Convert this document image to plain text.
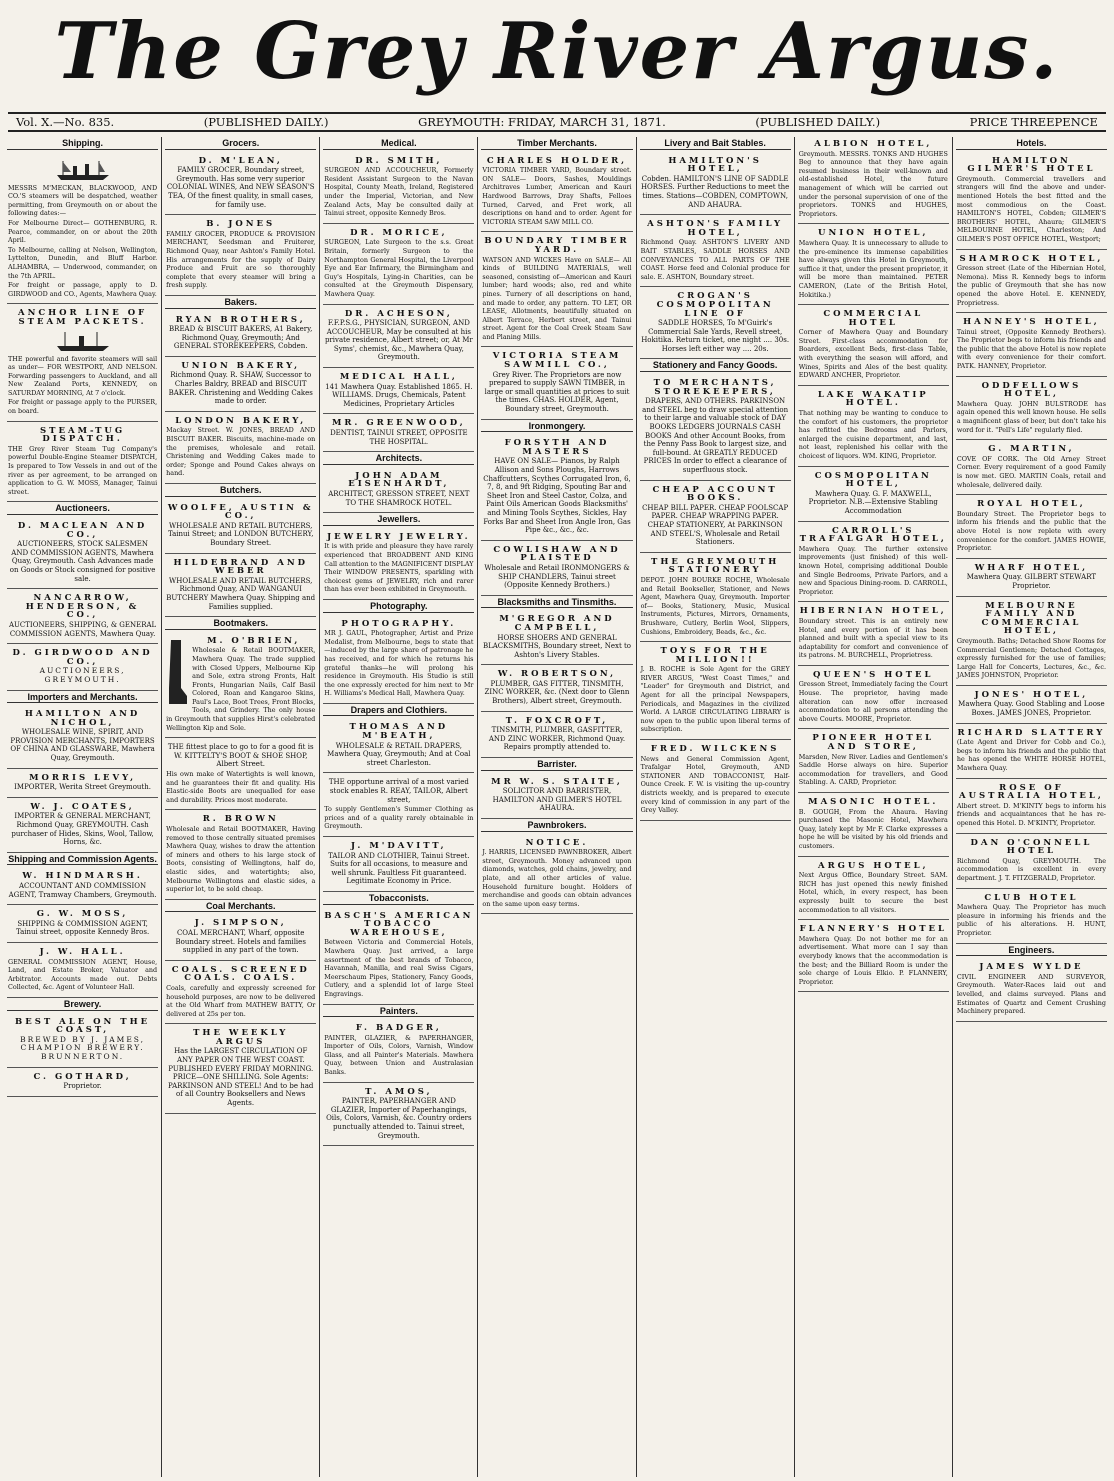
The Grey River Argus.
Vol. X.—No. 835.	(PUBLISHED DAILY.)	GREYMOUTH: FRIDAY, MARCH 31, 1871.	(PUBLISHED DAILY.)	PRICE THREEPENCE
Shipping.

MESSRS M'MECKAN, BLACKWOOD, AND CO.'S steamers will be despatched, weather permitting, from Greymouth on or about the following dates:—

For Melbourne Direct— GOTHENBURG, R. Pearce, commander, on or about the 20th April.

To Melbourne, calling at Nelson, Wellington, Lyttelton, Dunedin, and Bluff Harbor. ALHAMBRA, — Underwood, commander, on the 7th APRIL.

For freight or passage, apply to D. GIRDWOOD and CO., Agents, Mawhera Quay.

ANCHOR LINE OF STEAM PACKETS.

THE powerful and favorite steamers will sail as under— FOR WESTPORT, AND NELSON. Forwarding passengers to Auckland, and all New Zealand Ports, KENNEDY, on SATURDAY MORNING, At 7 o'clock.

For freight or passage apply to the PURSER, on board.

STEAM-TUG DISPATCH.

THE Grey River Steam Tug Company's powerful Double-Engine Steamer DISPATCH, Is prepared to Tow Vessels in and out of the river as per agreement, to be arranged on application to G. W. MOSS, Manager, Tainui street.

Auctioneers.
D. MACLEAN AND CO.,

AUCTIONEERS, STOCK SALESMEN AND COMMISSION AGENTS, Mawhera Quay, Greymouth. Cash Advances made on Goods or Stock consigned for positive sale.

NANCARROW, HENDERSON, & CO.,

AUCTIONEERS, SHIPPING, & GENERAL COMMISSION AGENTS, Mawhera Quay.

D. GIRDWOOD AND CO.,

AUCTIONEERS, GREYMOUTH.

Importers and Merchants.
HAMILTON AND NICHOL,

WHOLESALE WINE, SPIRIT, AND PROVISION MERCHANTS, IMPORTERS OF CHINA AND GLASSWARE, Mawhera Quay, Greymouth.

MORRIS LEVY,

IMPORTER, Werita Street Greymouth.

W. J. COATES,

IMPORTER & GENERAL MERCHANT, Richmond Quay, GREYMOUTH. Cash purchaser of Hides, Skins, Wool, Tallow, Horns, &c.

Shipping and Commission Agents.
W. HINDMARSH.

ACCOUNTANT AND COMMISSION AGENT, Tramway Chambers, Greymouth.

G. W. MOSS,

SHIPPING & COMMISSION AGENT, Tainui street, opposite Kennedy Bros.

J. W. HALL.

GENERAL COMMISSION AGENT, House, Land, and Estate Broker, Valuator and Arbitrator. Accounts made out. Debts Collected, &c. Agent of Volunteer Hall.

Brewery.
BEST ALE ON THE COAST,

BREWED BY J. JAMES, CHAMPION BREWERY. BRUNNERTON.

C. GOTHARD,

Proprietor.

Grocers.
D. M'LEAN,

FAMILY GROCER, Boundary street, Greymouth. Has some very superior COLONIAL WINES, And NEW SEASON'S TEA, Of the finest quality, in small cases, for family use.

B. JONES

FAMILY GROCER, PRODUCE & PROVISION MERCHANT, Seedsman and Fruiterer, Richmond Quay, near Ashton's Family Hotel. His arrangements for the supply of Dairy Produce and Fruit are so thoroughly complete that every steamer will bring a fresh supply.

Bakers.
RYAN BROTHERS,

BREAD & BISCUIT BAKERS, A1 Bakery, Richmond Quay, Greymouth; And GENERAL STOREKEEPERS, Cobden.

UNION BAKERY,

Richmond Quay. R. SHAW, Successor to Charles Baldry, BREAD and BISCUIT BAKER. Christening and Wedding Cakes made to order.

LONDON BAKERY,

Mackay Street. W. JONES, BREAD AND BISCUIT BAKER. Biscuits, machine-made on the premises, wholesale and retail. Christening and Wedding Cakes made to order; Sponge and Pound Cakes always on hand.

Butchers.
WOOLFE, AUSTIN & CO.,

WHOLESALE AND RETAIL BUTCHERS, Tainui Street; and LONDON BUTCHERY, Boundary Street.

HILDEBRAND AND WEBER

WHOLESALE AND RETAIL BUTCHERS, Richmond Quay, AND WANGANUI BUTCHERY Mawhera Quay. Shipping and Families supplied.

Bootmakers.
M. O'BRIEN,

Wholesale & Retail BOOTMAKER, Mawhera Quay. The trade supplied with Closed Uppers, Melbourne Kip and Sole, extra strong Fronts, Halt Fronts, Hungarian Nails, Calf Basil Colored, Roan and Kangaroo Skins, Paul's Lace, Boot Trees, Front Blocks, Tools, and Grindery. The only house in Greymouth that supplies Hirst's celebrated Wellington Kip and Sole.

THE fittest place to go to for a good fit is W. KITTELTY'S BOOT & SHOE SHOP, Albert Street.

His own make of Watertights is well known, and he guarantees their fit and quality. His Elastic-side Boots are unequalled for ease and durability. Prices most moderate.

R. BROWN

Wholesale and Retail BOOTMAKER, Having removed to those centrally situated premises Mawhera Quay, wishes to draw the attention of miners and others to his large stock of Boots, consisting of Wellingtons, half do, elastic sides, and watertights; also, Melbourne Wellingtons and elastic sides, a superior lot, to be sold cheap.

Coal Merchants.
J. SIMPSON,

COAL MERCHANT, Wharf, opposite Boundary street. Hotels and families supplied in any part of the town.

COALS. SCREENED COALS. COALS.

Coals, carefully and expressly screened for household purposes, are now to be delivered at the Old Wharf from MATHEW BATTY, Or delivered at 25s per ton.

THE WEEKLY ARGUS

Has the LARGEST CIRCULATION OF ANY PAPER ON THE WEST COAST. PUBLISHED EVERY FRIDAY MORNING. PRICE—ONE SHILLING. Sole Agents: PARKINSON AND STEEL! And to be had of all Country Booksellers and News Agents.

Medical.
DR. SMITH,

SURGEON AND ACCOUCHEUR, Formerly Resident Assistant Surgeon to the Navan Hospital, County Meath, Ireland, Registered under the Imperial, Victorian, and New Zealand Acts, May be consulted daily at Tainui street, opposite Kennedy Bros.

DR. MORICE,

SURGEON, Late Surgeon to the s.s. Great Britain, formerly Surgeon to the Northampton General Hospital, the Liverpool Eye and Ear Infirmary, the Birmingham and Guy's Hospitals, Lying-in Charities, can be consulted at the Greymouth Dispensary, Mawhera Quay.

DR. ACHESON,

F.F.P.S.G., PHYSICIAN, SURGEON, AND ACCOUCHEUR, May be consulted at his private residence, Albert street; or, At Mr Syms', chemist, &c., Mawhera Quay, Greymouth.

MEDICAL HALL,

141 Mawhera Quay. Established 1865. H. WILLIAMS. Drugs, Chemicals, Patent Medicines, Proprietary Articles

MR. GREENWOOD,

DENTIST, TAINUI STREET, OPPOSITE THE HOSPITAL.

Architects.
JOHN ADAM EISENHARDT,

ARCHITECT, GRESSON STREET, NEXT TO THE SHAMROCK HOTEL.

Jewellers.
JEWELRY JEWELRY.

It is with pride and pleasure they have rarely experienced that BROADBENT AND KING Call attention to the MAGNIFICENT DISPLAY Their WINDOW PRESENTS, sparkling with choicest gems of JEWELRY, rich and rarer than has ever been exhibited in Greymouth.

Photography.
PHOTOGRAPHY.

MR J. GAUL, Photographer, Artist and Prize Medalist, from Melbourne, begs to state that—induced by the large share of patronage he has received, and for which he returns his grateful thanks—he will prolong his residence in Greymouth. His Studio is still the one expressly erected for him next to Mr H. Williams's Medical Hall, Mawhera Quay.

Drapers and Clothiers.
THOMAS AND M'BEATH,

WHOLESALE & RETAIL DRAPERS, Mawhera Quay, Greymouth; And at Coal street Charleston.

THE opportune arrival of a most varied stock enables R. REAY, TAILOR, Albert street,

To supply Gentlemen's Summer Clothing as prices and of a quality rarely obtainable in Greymouth.

J. M'DAVITT,

TAILOR AND CLOTHIER, Tainui Street. Suits for all occasions, to measure and well shrunk. Faultless Fit guaranteed. Legitimate Economy in Price.

Tobacconists.
BASCH'S AMERICAN TOBACCO WAREHOUSE,

Between Victoria and Commercial Hotels, Mawhera Quay. Just arrived, a large assortment of the best brands of Tobacco, Havannah, Manilla, and real Swiss Cigars, Meerschaum Pipes, Stationery, Fancy Goods, Cutlery, and a splendid lot of large Steel Engravings.

Painters.
F. BADGER,

PAINTER, GLAZIER, & PAPERHANGER, Importer of Oils, Colors, Varnish, Window Glass, and all Painter's Materials. Mawhera Quay, between Union and Australasian Banks.

T. AMOS,

PAINTER, PAPERHANGER AND GLAZIER, Importer of Paperhangings, Oils, Colors, Varnish, &c. Country orders punctually attended to. Tainui street, Greymouth.

Timber Merchants.
CHARLES HOLDER,

VICTORIA TIMBER YARD, Boundary street. ON SALE— Doors, Sashes, Mouldings Architraves Lumber, American and Kauri Hardwood Barrows, Dray Shafts, Felloes Turned, Carved, and Fret work, all descriptions on hand and to order. Agent for VICTORIA STEAM SAW MILL CO.

BOUNDARY TIMBER YARD.

WATSON AND WICKES Have on SALE— All kinds of BUILDING MATERIALS, well seasoned, consisting of—American and Kauri lumber; hard woods; also, red and white pines. Turnery of all descriptions on hand, and made to order, any pattern. TO LET, OR LEASE, Allotments, beautifully situated on Albert Terrace, Herbert street, and Tainui street. Agent for the Coal Creek Steam Saw and Planing Mills.

VICTORIA STEAM SAWMILL CO.,

Grey River. The Proprietors are now prepared to supply SAWN TIMBER, in large or small quantities at prices to suit the times. CHAS. HOLDER, Agent, Boundary street, Greymouth.

Ironmongery.
FORSYTH AND MASTERS

HAVE ON SALE— Pianos, by Ralph Allison and Sons Ploughs, Harrows Chaffcutters, Scythes Corrugated Iron, 6, 7, 8, and 9ft Ridging, Spouting Bar and Sheet Iron and Steel Castor, Colza, and Paint Oils American Goods Blacksmiths' and Mining Tools Scythes, Sickles, Hay Forks Bar and Sheet Iron Angle Iron, Gas Pipe &c., &c., &c.

COWLISHAW AND PLAISTED

Wholesale and Retail IRONMONGERS & SHIP CHANDLERS, Tainui street (Opposite Kennedy Brothers.)

Blacksmiths and Tinsmiths.
M'GREGOR AND CAMPBELL,

HORSE SHOERS AND GENERAL BLACKSMITHS, Boundary street, Next to Ashton's Livery Stables.

W. ROBERTSON,

PLUMBER, GAS FITTER, TINSMITH, ZINC WORKER, &c. (Next door to Glenn Brothers), Albert street, Greymouth.

T. FOXCROFT,

TINSMITH, PLUMBER, GASFITTER, AND ZINC WORKER, Richmond Quay. Repairs promptly attended to.

Barrister.
MR W. S. STAITE,

SOLICITOR AND BARRISTER, HAMILTON AND GILMER'S HOTEL AHAURA.

Pawnbrokers.
NOTICE.

J. HARRIS, LICENSED PAWNBROKER, Albert street, Greymouth. Money advanced upon diamonds, watches, gold chains, jewelry, and plate, and all other articles of value. Household furniture bought. Holders of merchandise and goods can obtain advances on the same upon easy terms.

Livery and Bait Stables.
HAMILTON'S HOTEL,

Cobden. HAMILTON'S LINE OF SADDLE HORSES. Further Reductions to meet the times. Stations—COBDEN, COMPTOWN, AND AHAURA.

ASHTON'S FAMILY HOTEL,

Richmond Quay. ASHTON'S LIVERY AND BAIT STABLES, SADDLE HORSES AND CONVEYANCES TO ALL PARTS OF THE COAST. Horse feed and Colonial produce for sale. E. ASHTON, Boundary street.

CROGAN'S COSMOPOLITAN LINE OF

SADDLE HORSES, To M'Guirk's Commercial Sale Yards, Revell street, Hokitika. Return ticket, one night .... 30s. Horses left either way .... 20s.

Stationery and Fancy Goods.
TO MERCHANTS, STOREKEEPERS,

DRAPERS, AND OTHERS. PARKINSON and STEEL beg to draw special attention to their large and valuable stock of DAY BOOKS LEDGERS JOURNALS CASH BOOKS And other Account Books, from the Penny Pass Book to largest size, and full-bound. At GREATLY REDUCED PRICES In order to effect a clearance of superfluous stock.

CHEAP ACCOUNT BOOKS.

CHEAP BILL PAPER. CHEAP FOOLSCAP PAPER. CHEAP WRAPPING PAPER. CHEAP STATIONERY, At PARKINSON AND STEEL'S, Wholesale and Retail Stationers.

THE GREYMOUTH STATIONERY

DEPOT. JOHN BOURKE ROCHE, Wholesale and Retail Bookseller, Stationer, and News Agent, Mawhera Quay, Greymouth. Importer of— Books, Stationery, Music, Musical Instruments, Pictures, Mirrors, Ornaments, Brushware, Cutlery, Berlin Wool, Slippers, Cushions, Embroidery, Beads, &c., &c.

TOYS FOR THE MILLION!!

J. B. ROCHE is Sole Agent for the GREY RIVER ARGUS, "West Coast Times," and "Leader" for Greymouth and District, and Agent for all the principal Newspapers, Periodicals, and Magazines in the civilized World. A LARGE CIRCULATING LIBRARY is now open to the public upon liberal terms of subscription.

FRED. WILCKENS

News and General Commission Agent, Trafalgar Hotel, Greymouth, AND STATIONER AND TOBACCONIST, Half-Ounce Creek. F. W. is visiting the up-country districts weekly, and is prepared to execute every kind of commission in any part of the Grey Valley.

ALBION HOTEL,

Greymouth. MESSRS. TONKS AND HUGHES Beg to announce that they have again resumed business in their well-known and old-established Hotel, the future management of which will be carried out under the personal supervision of one of the proprietors. TONKS and HUGHES, Proprietors.

UNION HOTEL,

Mawhera Quay. It is unnecessary to allude to the pre-eminence its immense capabilities have always given this Hotel in Greymouth, suffice it that, under the present proprietor, it will be more than maintained. PETER CAMERON, (Late of the British Hotel, Hokitika.)

COMMERCIAL HOTEL

Corner of Mawhera Quay and Boundary Street. First-class accommodation for Boarders, excellent Beds, first-class Table, with everything the season will afford, and Wines, Spirits and Ales of the best quality. EDWARD ANCHER, Proprietor.

LAKE WAKATIP HOTEL.

That nothing may be wanting to conduce to the comfort of his customers, the proprietor has refitted the Bedrooms and Parlors, enlarged the cuisine department, and last, not least, replenished his cellar with the choicest of liquors. WM. KING, Proprietor.

COSMOPOLITAN HOTEL,

Mawhera Quay. G. F. MAXWELL, Proprietor. N.B.—Extensive Stabling Accommodation

CARROLL'S TRAFALGAR HOTEL,

Mawhera Quay. The further extensive improvements (just finished) of this well-known Hotel, comprising additional Double and Single Bedrooms, Private Parlors, and a new and Spacious Dining-room. D. CARROLL, Proprietor.

HIBERNIAN HOTEL,

Boundary street. This is an entirely new Hotel, and every portion of it has been planned and built with a special view to its adaptability for comfort and convenience of its patrons. M. BURCHELL, Proprietress.

QUEEN'S HOTEL

Gresson Street, Immediately facing the Court House. The proprietor, having made alteration can now offer increased accommodation to all persons attending the above Courts. MOORE, Proprietor.

PIONEER HOTEL AND STORE,

Marsden, New River. Ladies and Gentlemen's Saddle Horse always on hire. Superior accommodation for travellers, and Good Stabling. A. CARD, Proprietor.

MASONIC HOTEL.

B. GOUGH, From the Ahaura. Having purchased the Masonic Hotel, Mawhera Quay, lately kept by Mr F. Clarke expresses a hope he will be visited by his old friends and customers.

ARGUS HOTEL,

Next Argus Office, Boundary Street. SAM. RICH has just opened this newly finished Hotel, which, in every respect, has been expressly built to secure the best accommodation to all visitors.

FLANNERY'S HOTEL

Mawhera Quay. Do not bother me for an advertisement. What more can I say than everybody knows that the accommodation is the best; and the Billiard Room is under the sole charge of Louis Elkio. P. FLANNERY, Proprietor.

Hotels.
HAMILTON GILMER'S HOTEL

Greymouth. Commercial travellers and strangers will find the above and under-mentioned Hotels the best fitted and the most commodious on the Coast. HAMILTON'S HOTEL, Cobden; GILMER'S BROTHERS' HOTEL, Ahaura; GILMER'S MELBOURNE HOTEL, Charleston; And GILMER'S POST OFFICE HOTEL, Westport;

SHAMROCK HOTEL,

Gresson street (Late of the Hibernian Hotel, Nemona). Miss R. Kennedy begs to inform the public of Greymouth that she has now opened the above Hotel. E. KENNEDY, Proprietress.

HANNEY'S HOTEL,

Tainui street, (Opposite Kennedy Brothers). The Proprietor begs to inform his friends and the public that the above Hotel is now replete with every convenience for their comfort. PATK. HANNEY, Proprietor.

ODDFELLOWS HOTEL,

Mawhera Quay. JOHN BULSTRODE has again opened this well known house. He sells a magnificent glass of beer, but don't take his word for it. "Pell's Life" regularly filed.

G. MARTIN,

COVE OF CORK. The Old Arney Street Corner. Every requirement of a good Family is now met. GEO. MARTIN Coals, retail and wholesale, delivered daily.

ROYAL HOTEL,

Boundary Street. The Proprietor begs to inform his friends and the public that the above Hotel is now replete with every convenience for the comfort. JAMES HOWIE, Proprietor.

WHARF HOTEL,

Mawhera Quay. GILBERT STEWART Proprietor.

MELBOURNE FAMILY AND COMMERCIAL HOTEL,

Greymouth. Baths; Detached Show Rooms for Commercial Gentlemen; Detached Cottages, expressly furnished for the use of families; Large Hall for Concerts, Lectures, &c., &c. JAMES JOHNSTON, Proprietor.

JONES' HOTEL,

Mawhera Quay. Good Stabling and Loose Boxes. JAMES JONES, Proprietor.

RICHARD SLATTERY

(Late Agent and Driver for Cobb and Co.), begs to inform his friends and the public that he has opened the WHITE HORSE HOTEL, Mawhera Quay.

ROSE OF AUSTRALIA HOTEL,

Albert street. D. M'KINTY begs to inform his friends and acquaintances that he has re-opened this Hotel. D. M'KINTY, Proprietor.

DAN O'CONNELL HOTEL

Richmond Quay, GREYMOUTH. The accommodation is excellent in every department. J. T. FITZGERALD, Proprietor.

CLUB HOTEL

Mawhera Quay. The Proprietor has much pleasure in informing his friends and the public of his alterations. H. HUNT, Proprietor.

Engineers.
JAMES WYLDE

CIVIL ENGINEER AND SURVEYOR, Greymouth. Water-Races laid out and levelled, and claims surveyed. Plans and Estimates of Quartz and Cement Crushing Machinery prepared.
